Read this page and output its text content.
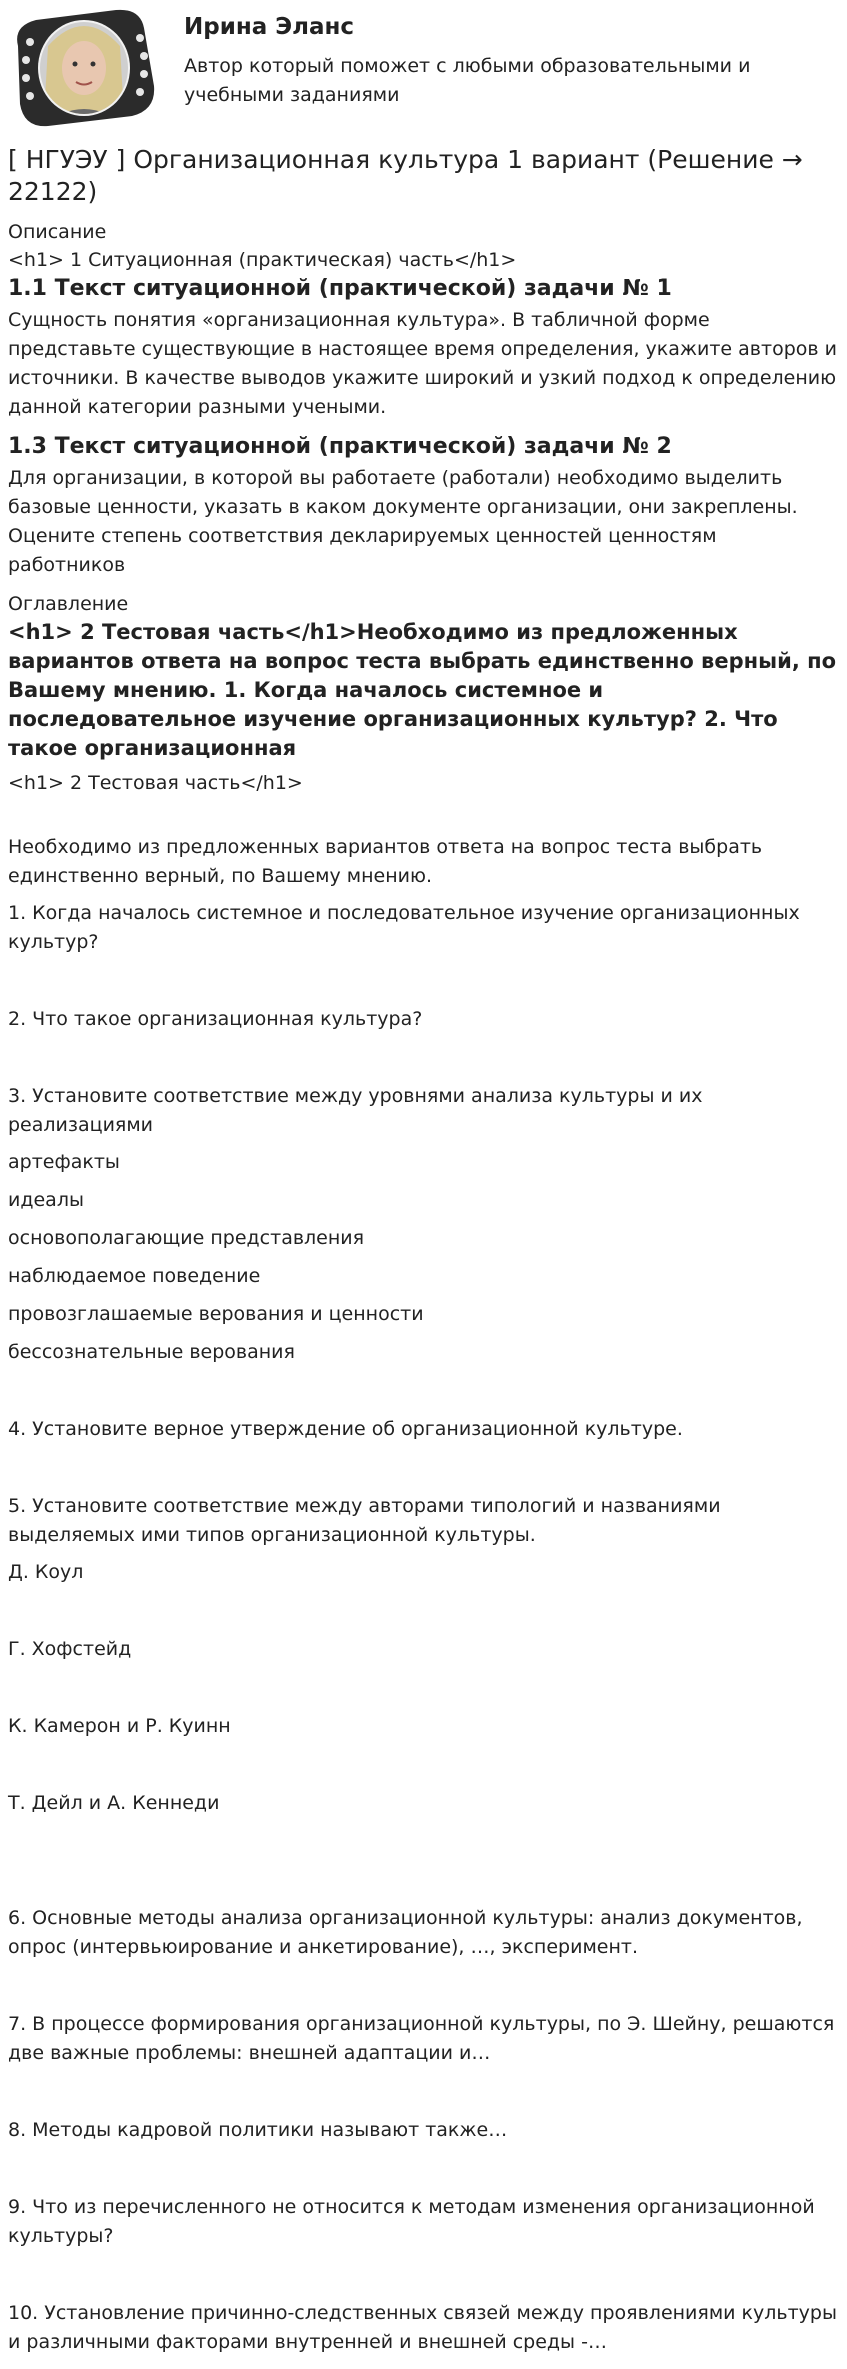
Ирина Эланс
Автор который поможет с любыми образовательными и учебными заданиями
[ НГУЭУ ] Организационная культура 1 вариант (Решение → 22122)

Описание

<h1> 1 Ситуационная (практическая) часть</h1>

1.1 Текст ситуационной (практической) задачи № 1

Сущность понятия «организационная культура». В табличной форме представьте существующие в настоящее время определения, укажите авторов и источники. В качестве выводов укажите широкий и узкий подход к определению данной категории разными учеными.

1.3 Текст ситуационной (практической) задачи № 2

Для организации, в которой вы работаете (работали) необходимо выделить базовые ценности, указать в каком документе организации, они закреплены. Оцените степень соответствия декларируемых ценностей ценностям работников

Оглавление

<h1> 2 Тестовая часть</h1>Необходимо из предложенных вариантов ответа на вопрос теста выбрать единственно верный, по Вашему мнению. 1. Когда началось системное и последовательное изучение организационных культур? 2. Что такое организационная

<h1> 2 Тестовая часть</h1>

Необходимо из предложенных вариантов ответа на вопрос теста выбрать единственно верный, по Вашему мнению.

1. Когда началось системное и последовательное изучение организационных культур?

2. Что такое организационная культура?

3. Установите соответствие между уровнями анализа культуры и их реализациями

артефакты

идеалы

основополагающие представления

наблюдаемое поведение

провозглашаемые верования и ценности

бессознательные верования

4. Установите верное утверждение об организационной культуре.

5. Установите соответствие между авторами типологий и названиями выделяемых ими типов организационной культуры.

Д. Коул

Г. Хофстейд

К. Камерон и Р. Куинн

Т. Дейл и А. Кеннеди

6. Основные методы анализа организационной культуры: анализ документов, опрос (интервьюирование и анкетирование), …, эксперимент.

7. В процессе формирования организационной культуры, по Э. Шейну, решаются две важные проблемы: внешней адаптации и…

8. Методы кадровой политики называют также…

9. Что из перечисленного не относится к методам изменения организационной культуры?

10. Установление причинно-следственных связей между проявлениями культуры и различными факторами внутренней и внешней среды -…
